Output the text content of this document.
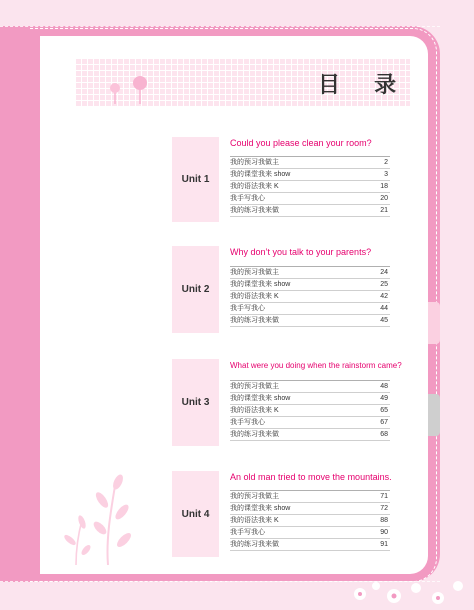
目 录
Unit 1
Could you please clean your room?
我的预习我做主	2
我的课堂我来 show	3
我的语法我来 K	18
我手写我心	20
我的练习我来做	21
Unit 2
Why don’t you talk to your parents?
我的预习我做主	24
我的课堂我来 show	25
我的语法我来 K	42
我手写我心	44
我的练习我来做	45
Unit 3
What were you doing when the rainstorm came?
我的预习我做主	48
我的课堂我来 show	49
我的语法我来 K	65
我手写我心	67
我的练习我来做	68
Unit 4
An old man tried to move the mountains.
我的预习我做主	71
我的课堂我来 show	72
我的语法我来 K	88
我手写我心	90
我的练习我来做	91
